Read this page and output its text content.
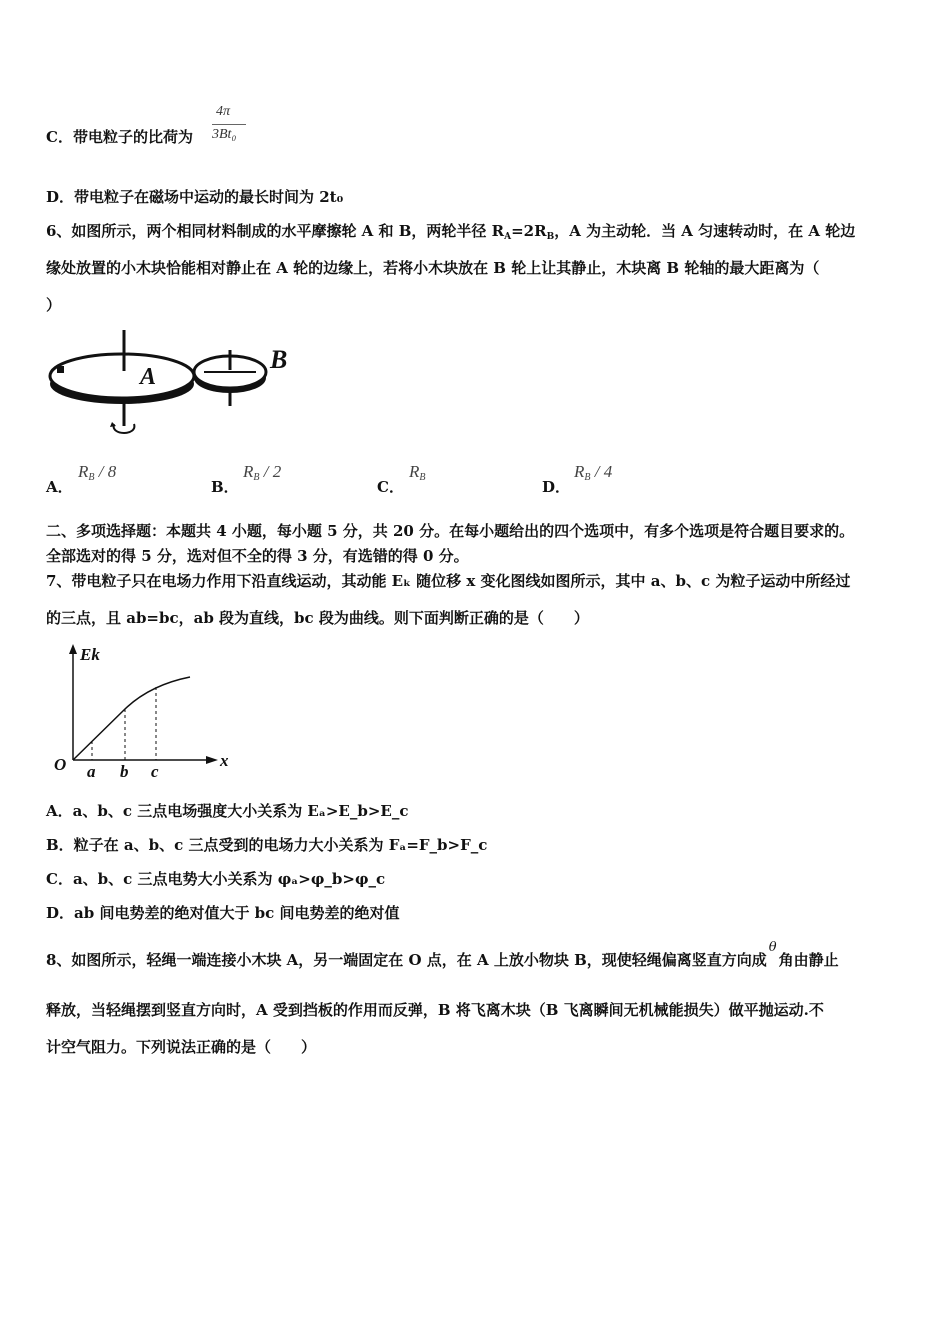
C．带电粒子的比荷为
4π
3Bt₀
D．带电粒子在磁场中运动的最长时间为 2t₀
6、如图所示，两个相同材料制成的水平摩擦轮 A 和 B，两轮半径 $R_A=2R_B$，A 为主动轮．当 A 匀速转动时，在 A 轮边
缘处放置的小木块恰能相对静止在 A 轮的边缘上，若将小木块放在 B 轮上让其静止，木块离 B 轮轴的最大距离为（
）
A
B
A．
RB / 8
B．
RB / 2
C．
RB
D．
RB / 4
二、多项选择题：本题共 4 小题，每小题 5 分，共 20 分。在每小题给出的四个选项中，有多个选项是符合题目要求的。
全部选对的得 5 分，选对但不全的得 3 分，有选错的得 0 分。
7、带电粒子只在电场力作用下沿直线运动，其动能 Eₖ 随位移 x 变化图线如图所示，其中 a、b、c 为粒子运动中所经过
的三点，且 ab=bc，ab 段为直线，bc 段为曲线。则下面判断正确的是（　　）
Ek
x
O a b c
A．a、b、c 三点电场强度大小关系为 Eₐ>E_b>E_c
B．粒子在 a、b、c 三点受到的电场力大小关系为 Fₐ=F_b>F_c
C．a、b、c 三点电势大小关系为 φₐ>φ_b>φ_c
D．ab 间电势差的绝对值大于 bc 间电势差的绝对值
8、如图所示，轻绳一端连接小木块 A，另一端固定在 O 点，在 A 上放小物块 B，现使轻绳偏离竖直方向成θ角由静止
释放，当轻绳摆到竖直方向时，A 受到挡板的作用而反弹，B 将飞离木块（B 飞离瞬间无机械能损失）做平抛运动.不
计空气阻力。下列说法正确的是（　　）
